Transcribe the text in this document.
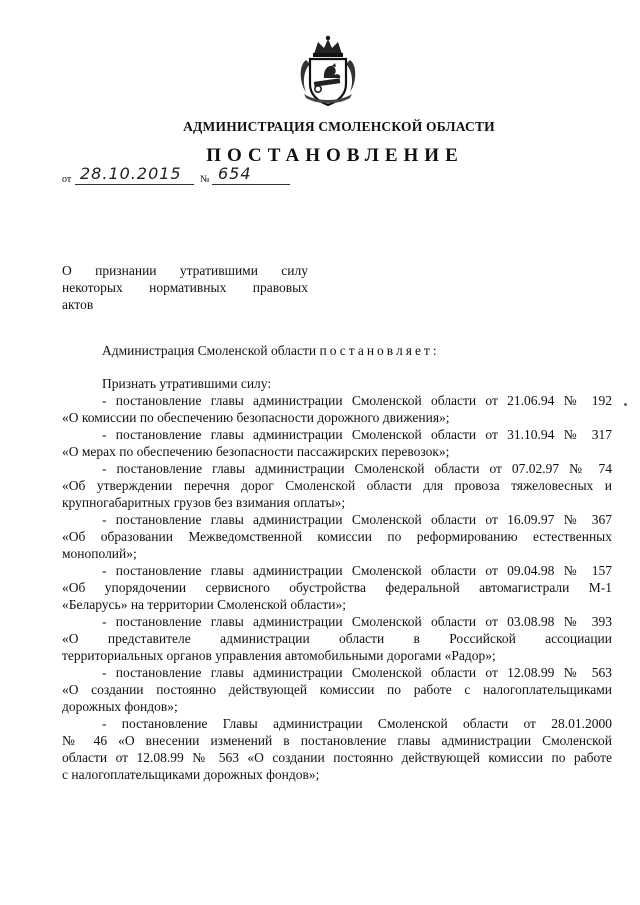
АДМИНИСТРАЦИЯ СМОЛЕНСКОЙ ОБЛАСТИ
ПОСТАНОВЛЕНИЕ
от 28.10.2015 № 654
О признании утратившими силу
некоторых нормативных правовых
актов
Администрация Смоленской области постановляет:
Признать утратившими силу:
- постановление главы администрации Смоленской области от 21.06.94 № 192
«О комиссии по обеспечению безопасности дорожного движения»;
- постановление главы администрации Смоленской области от 31.10.94 № 317
«О мерах по обеспечению безопасности пассажирских перевозок»;
- постановление главы администрации Смоленской области от 07.02.97 № 74
«Об утверждении перечня дорог Смоленской области для провоза тяжеловесных и
крупногабаритных грузов без взимания оплаты»;
- постановление главы администрации Смоленской области от 16.09.97 № 367
«Об образовании Межведомственной комиссии по реформированию естественных
монополий»;
- постановление главы администрации Смоленской области от 09.04.98 № 157
«Об упорядочении сервисного обустройства федеральной автомагистрали М-1
«Беларусь» на территории Смоленской области»;
- постановление главы администрации Смоленской области от 03.08.98 № 393
«О представителе администрации области в Российской ассоциации
территориальных органов управления автомобильными дорогами «Радор»;
- постановление главы администрации Смоленской области от 12.08.99 № 563
«О создании постоянно действующей комиссии по работе с налогоплательщиками
дорожных фондов»;
- постановление Главы администрации Смоленской области от 28.01.2000
№ 46 «О внесении изменений в постановление главы администрации Смоленской
области от 12.08.99 № 563 «О создании постоянно действующей комиссии по работе
с налогоплательщиками дорожных фондов»;
